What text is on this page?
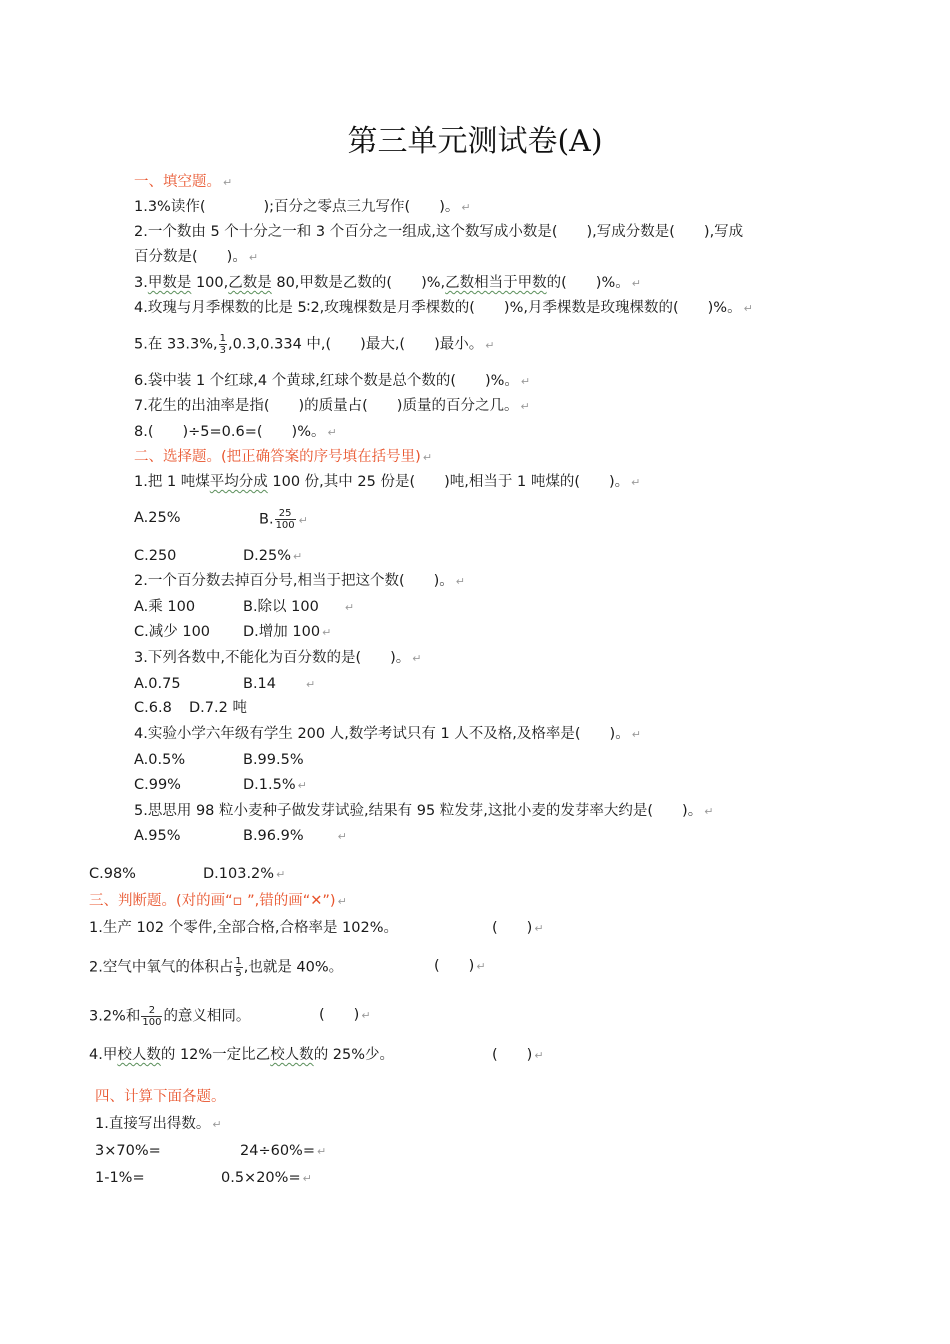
第三单元测试卷(A)
一、填空题。 ↵
1.3%读作(　　　　);百分之零点三九写作(　　)。 ↵
2.一个数由 5 个十分之一和 3 个百分之一组成,这个数写成小数是(　　),写成分数是(　　),写成
百分数是(　　)。 ↵
3.甲数是 100,乙数是 80,甲数是乙数的(　　)%,乙数相当于甲数的(　　)%。 ↵
4.玫瑰与月季棵数的比是 5∶2,玫瑰棵数是月季棵数的(　　)%,月季棵数是玫瑰棵数的(　　)%。 ↵
5.在 33.3%, $\frac{1}{3} ,0.3,0.334$ 中,(　　)最大,(　　)最小。 ↵
6.袋中装 1 个红球,4 个黄球,红球个数是总个数的(　　)%。 ↵
7.花生的出油率是指(　　)的质量占(　　)质量的百分之几。 ↵
8.(　　)÷5=0.6=(　　)%。 ↵
二、选择题。(把正确答案的序号填在括号里) ↵
1.把 1 吨煤平均分成 100 份,其中 25 份是(　　)吨,相当于 1 吨煤的(　　)。 ↵
A.25%	B. $\frac{25}{100}$ ↵
C.250	D.25% ↵
2.一个百分数去掉百分号,相当于把这个数(　　)。 ↵
A.乘 100	B.除以 100 ↵
C.减少 100 D.增加 100 ↵
3.下列各数中,不能化为百分数的是(　　)。 ↵
A.0.75	B.14	↵
C.6.8 D.7.2 吨
4.实验小学六年级有学生 200 人,数学考试只有 1 人不及格,及格率是(　　)。 ↵
A.0.5%	B.99.5%
C.99%	D.1.5% ↵
5.思思用 98 粒小麦种子做发芽试验,结果有 95 粒发芽,这批小麦的发芽率大约是(　　)。 ↵
A.95%	B.96.9%	↵
C.98%	D.103.2% ↵
三、判断题。(对的画“▫ ”,错的画“✕”) ↵
1.生产 102 个零件,全部合格,合格率是 102%。	(　　) ↵
2.空气中氧气的体积占 $\frac{1}{5}$ ,也就是 40%。	(　　) ↵
3.2%和 $\frac{2}{100}$ 的意义相同。	(　　) ↵
4.甲校人数的 12%一定比乙校人数的 25%少。	(　　) ↵
四、计算下面各题。
1.直接写出得数。 ↵
3×70%=	24÷60%= ↵
1-1%=	0.5×20%= ↵
